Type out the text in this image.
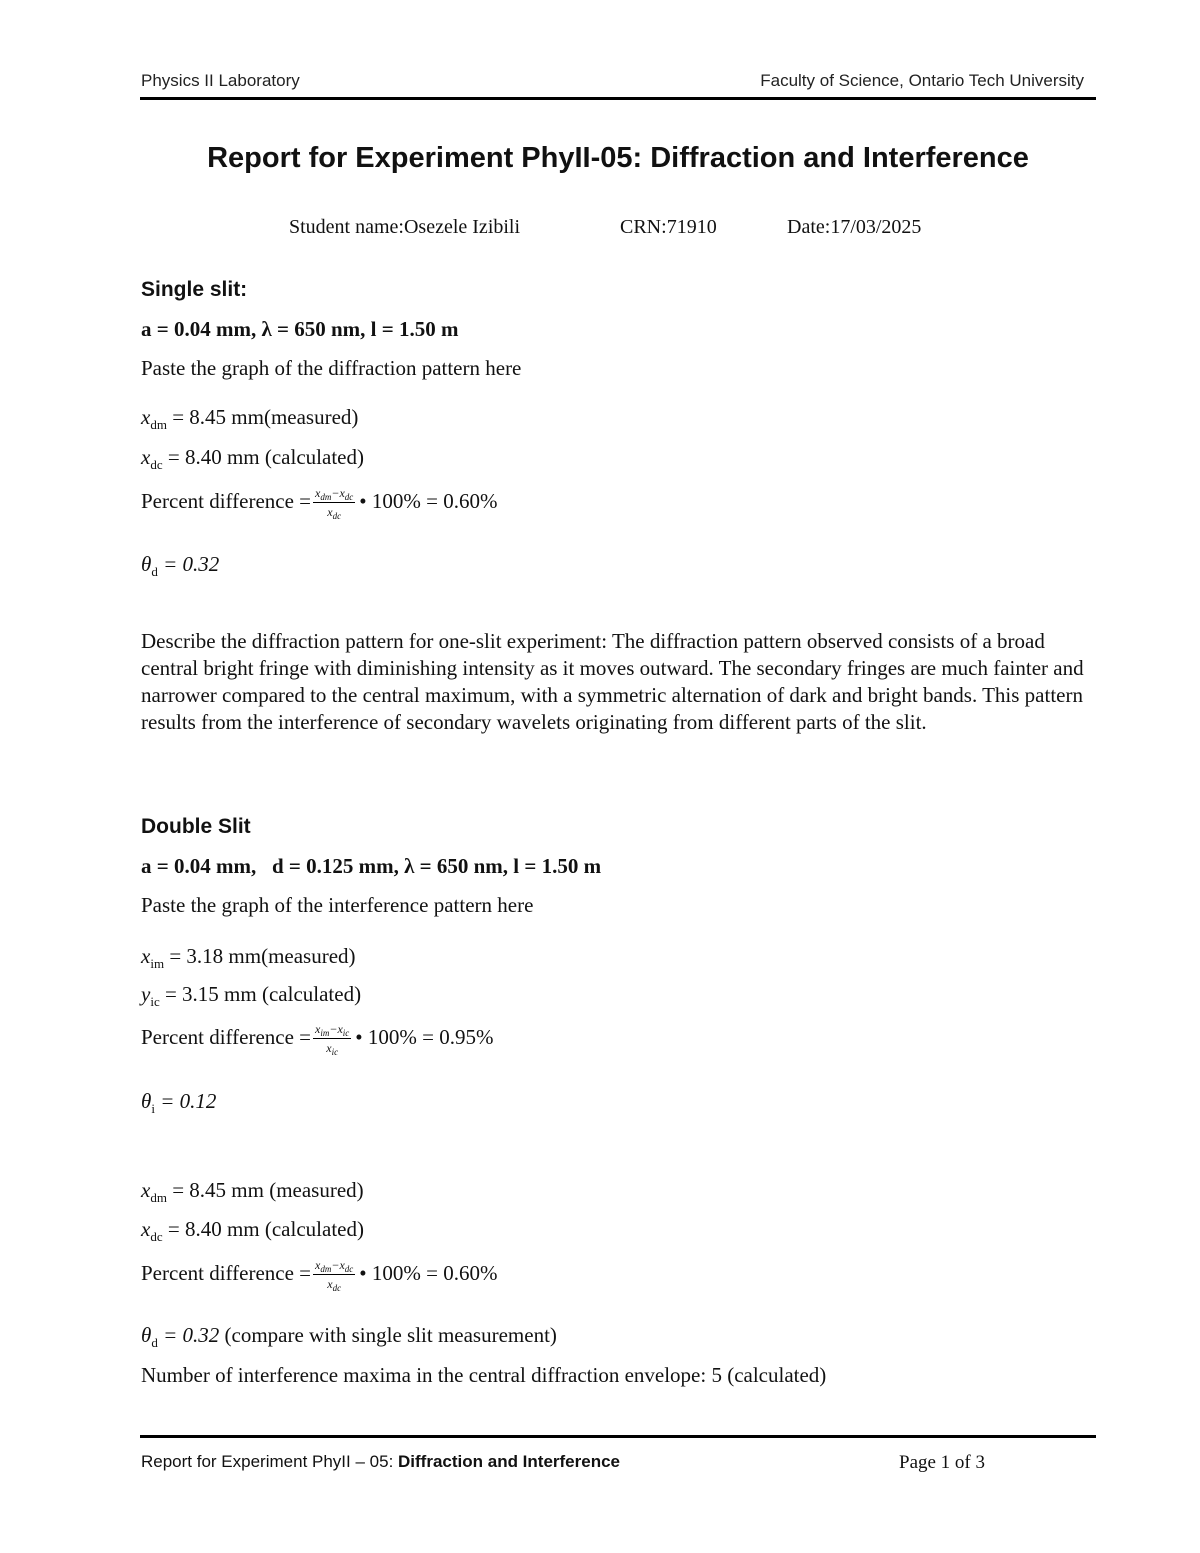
Physics II Laboratory	Faculty of Science, Ontario Tech University
Report for Experiment PhyII-05: Diffraction and Interference
Student name:Osezele Izibili	CRN:71910	Date:17/03/2025
Single slit:
a = 0.04 mm, λ = 650 nm, l = 1.50 m
Paste the graph of the diffraction pattern here
$x_{dm} = 8.45$ mm(measured)
$x_{dc} = 8.40$ mm (calculated)
Percent difference = $\frac{x_{dm}-x_{dc}}{x_{dc}}$ • 100% = 0.60%
$\theta_d = 0.32$
Describe the diffraction pattern for one-slit experiment: The diffraction pattern observed consists of a broad central bright fringe with diminishing intensity as it moves outward. The secondary fringes are much fainter and narrower compared to the central maximum, with a symmetric alternation of dark and bright bands. This pattern results from the interference of secondary wavelets originating from different parts of the slit.
Double Slit
a = 0.04 mm,   d = 0.125 mm, λ = 650 nm, l = 1.50 m
Paste the graph of the interference pattern here
$x_{im} = 3.18$ mm(measured)
$y_{ic} = 3.15$ mm (calculated)
Percent difference = $\frac{x_{im}-x_{ic}}{x_{ic}}$ • 100% = 0.95%
$\theta_i = 0.12$
$x_{dm} = 8.45$ mm (measured)
$x_{dc} = 8.40$ mm (calculated)
Percent difference = $\frac{x_{dm}-x_{dc}}{x_{dc}}$ • 100% = 0.60%
$\theta_d = 0.32$ (compare with single slit measurement)
Number of interference maxima in the central diffraction envelope: 5 (calculated)
Report for Experiment PhyII – 05: Diffraction and Interference	Page 1 of 3
